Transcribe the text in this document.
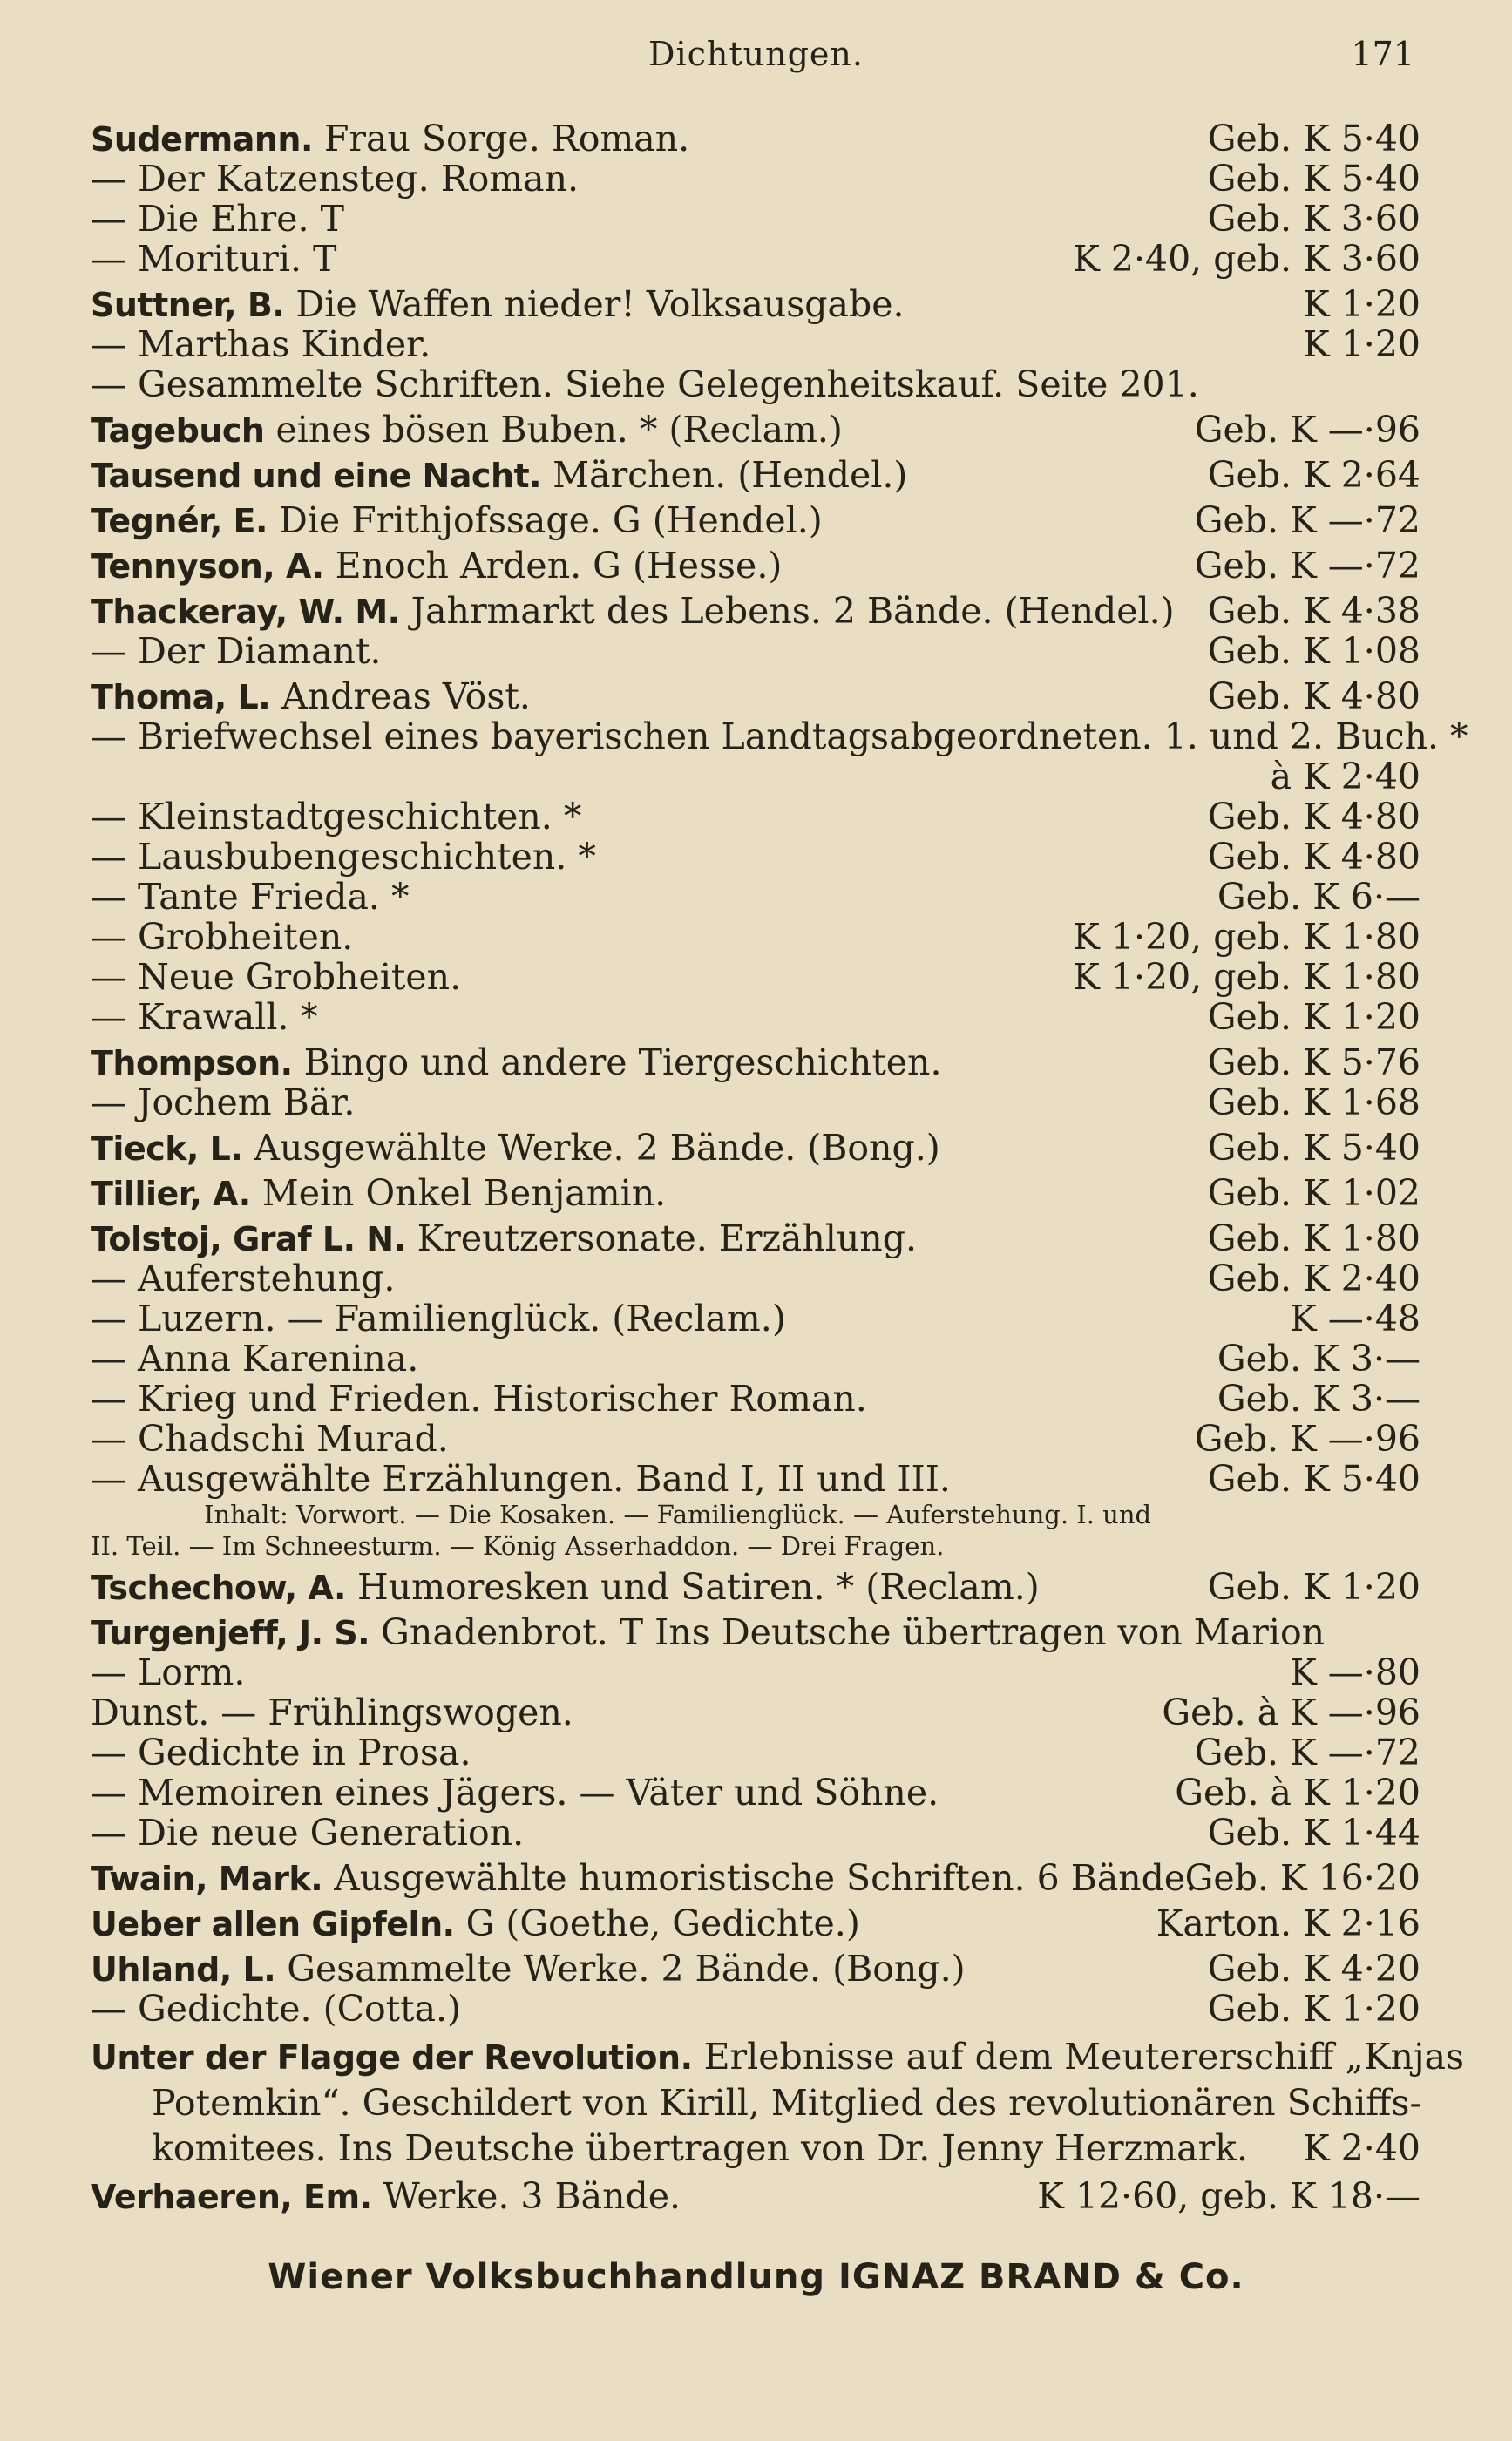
Dichtungen.	171
Sudermann. Frau Sorge. Roman.	Geb. K 5·40
— Der Katzensteg. Roman.	Geb. K 5·40
— Die Ehre. T	Geb. K 3·60
— Morituri. T	K 2·40, geb. K 3·60
Suttner, B. Die Waffen nieder! Volksausgabe.	K 1·20
— Marthas Kinder.	K 1·20
— Gesammelte Schriften. Siehe Gelegenheitskauf. Seite 201.
Tagebuch eines bösen Buben. * (Reclam.)	Geb. K —·96
Tausend und eine Nacht. Märchen. (Hendel.)	Geb. K 2·64
Tegnér, E. Die Frithjofssage. G (Hendel.)	Geb. K —·72
Tennyson, A. Enoch Arden. G (Hesse.)	Geb. K —·72
Thackeray, W. M. Jahrmarkt des Lebens. 2 Bände. (Hendel.) Geb. K 4·38
— Der Diamant.	Geb. K 1·08
Thoma, L. Andreas Vöst.	Geb. K 4·80
— Briefwechsel eines bayerischen Landtagsabgeordneten. 1. und 2. Buch. *
à K 2·40
— Kleinstadtgeschichten. *	Geb. K 4·80
— Lausbubengeschichten. *	Geb. K 4·80
— Tante Frieda. *	Geb. K 6·—
— Grobheiten.	K 1·20, geb. K 1·80
— Neue Grobheiten.	K 1·20, geb. K 1·80
— Krawall. *	Geb. K 1·20
Thompson. Bingo und andere Tiergeschichten.	Geb. K 5·76
— Jochem Bär.	Geb. K 1·68
Tieck, L. Ausgewählte Werke. 2 Bände. (Bong.)	Geb. K 5·40
Tillier, A. Mein Onkel Benjamin.	Geb. K 1·02
Tolstoj, Graf L. N. Kreutzersonate. Erzählung.	Geb. K 1·80
— Auferstehung.	Geb. K 2·40
— Luzern. — Familienglück. (Reclam.)	K —·48
— Anna Karenina.	Geb. K 3·—
— Krieg und Frieden. Historischer Roman.	Geb. K 3·—
— Chadschi Murad.	Geb. K —·96
— Ausgewählte Erzählungen. Band I, II und III.	Geb. K 5·40
Inhalt: Vorwort. — Die Kosaken. — Familienglück. — Auferstehung. I. und
II. Teil. — Im Schneesturm. — König Asserhaddon. — Drei Fragen.
Tschechow, A. Humoresken und Satiren. * (Reclam.)	Geb. K 1·20
Turgenjeff, J. S. Gnadenbrot. T Ins Deutsche übertragen von Marion
— Lorm.	K —·80
Dunst. — Frühlingswogen.	Geb. à K —·96
— Gedichte in Prosa.	Geb. K —·72
— Memoiren eines Jägers. — Väter und Söhne.	Geb. à K 1·20
— Die neue Generation.	Geb. K 1·44
Twain, Mark. Ausgewählte humoristische Schriften. 6 Bände.
Geb. K 16·20
Ueber allen Gipfeln. G (Goethe, Gedichte.)	Karton. K 2·16
Uhland, L. Gesammelte Werke. 2 Bände. (Bong.)	Geb. K 4·20
— Gedichte. (Cotta.)	Geb. K 1·20
Unter der Flagge der Revolution. Erlebnisse auf dem Meutererschiff „Knjas
Potemkin“. Geschildert von Kirill, Mitglied des revolutionären Schiffs-
komitees. Ins Deutsche übertragen von Dr. Jenny Herzmark. K 2·40
Verhaeren, Em. Werke. 3 Bände.	K 12·60, geb. K 18·—
Wiener Volksbuchhandlung IGNAZ BRAND & Co.
